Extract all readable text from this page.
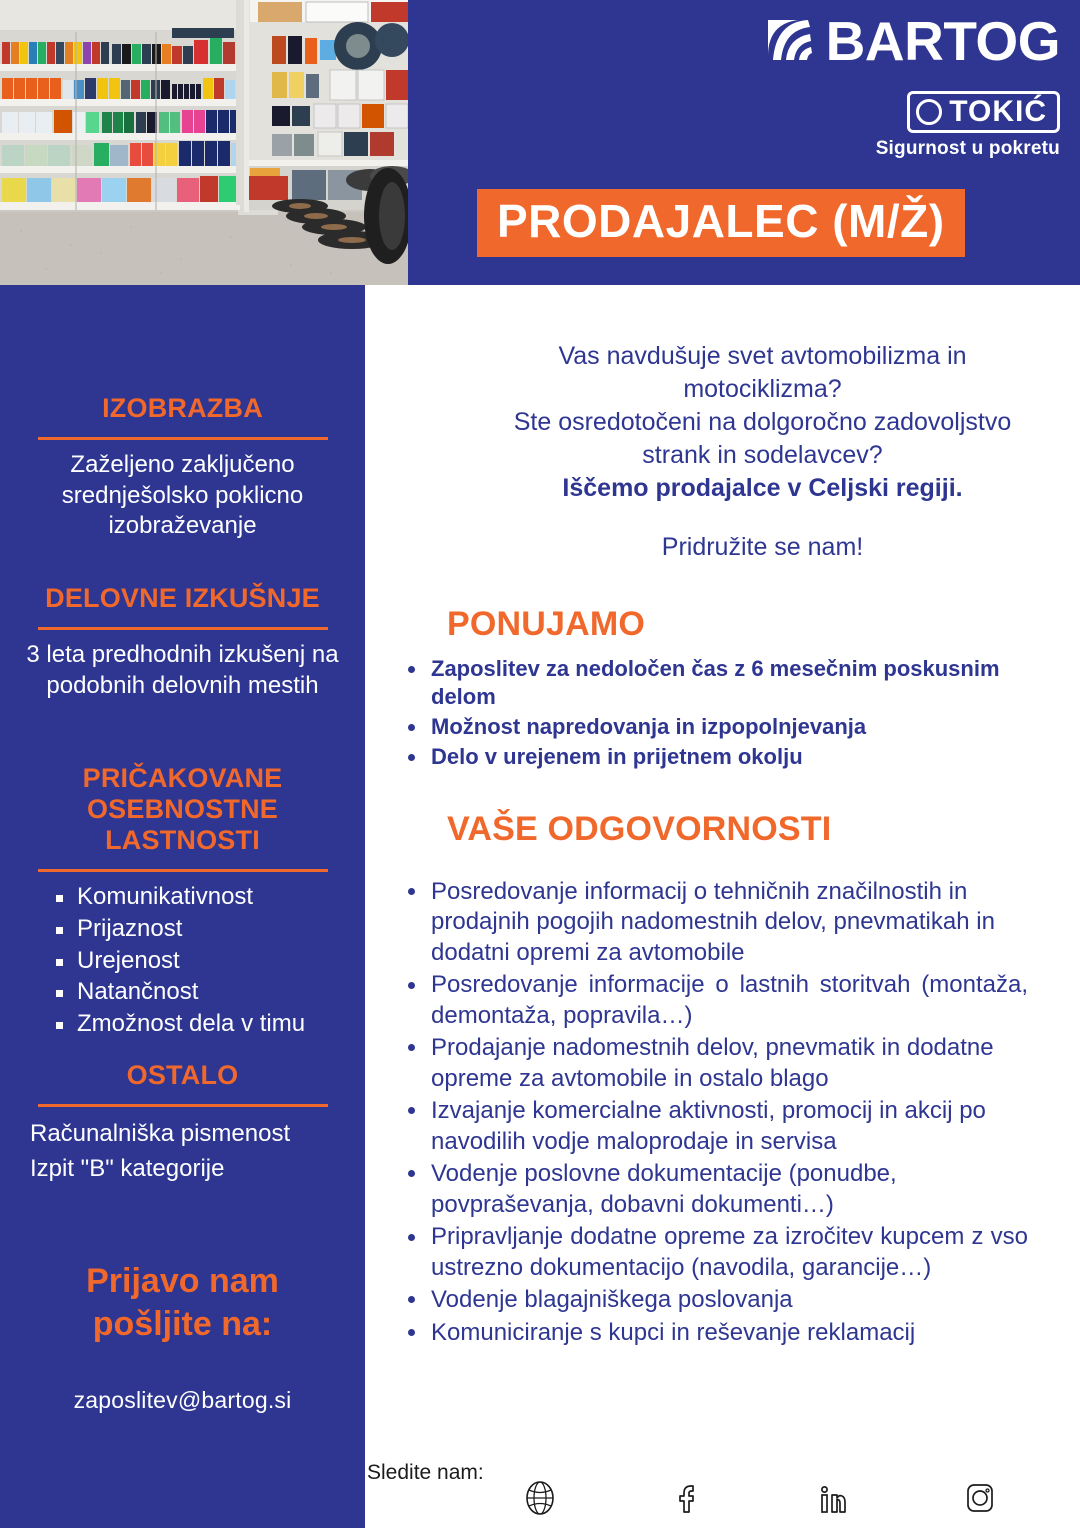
BARTOG
TOKIĆ
Sigurnost u pokretu
PRODAJALEC (M/Ž)
Vas navdušuje svet avtomobilizma in
motociklizma?
Ste osredotočeni na dolgoročno zadovoljstvo
strank in sodelavcev?
Iščemo prodajalce v Celjski regiji.
Pridružite se nam!
PONUJAMO
Zaposlitev za nedoločen čas z 6 mesečnim poskusnim delom
Možnost napredovanja in izpopolnjevanja
Delo v urejenem in prijetnem okolju
VAŠE ODGOVORNOSTI
Posredovanje informacij o tehničnih značilnostih in prodajnih pogojih nadomestnih delov, pnevmatikah in dodatni opremi za avtomobile
Posredovanje informacije o lastnih storitvah (montaža, demontaža, popravila…)
Prodajanje nadomestnih delov, pnevmatik in dodatne opreme za avtomobile in ostalo blago
Izvajanje komercialne aktivnosti, promocij in akcij po navodilih vodje maloprodaje in servisa
Vodenje poslovne dokumentacije (ponudbe, povpraševanja, dobavni dokumenti…)
Pripravljanje dodatne opreme za izročitev kupcem z vso ustrezno dokumentacijo (navodila, garancije…)
Vodenje blagajniškega poslovanja
Komuniciranje s kupci in reševanje reklamacij
IZOBRAZBA
Zaželjeno zaključeno srednješolsko poklicno izobraževanje
DELOVNE IZKUŠNJE
3 leta predhodnih izkušenj na podobnih delovnih mestih
PRIČAKOVANE
OSEBNOSTNE LASTNOSTI
Komunikativnost
Prijaznost
Urejenost
Natančnost
Zmožnost dela v timu
OSTALO
Računalniška pismenost
Izpit "B" kategorije
Prijavo nam pošljite na:
zaposlitev@bartog.si
Sledite nam:
